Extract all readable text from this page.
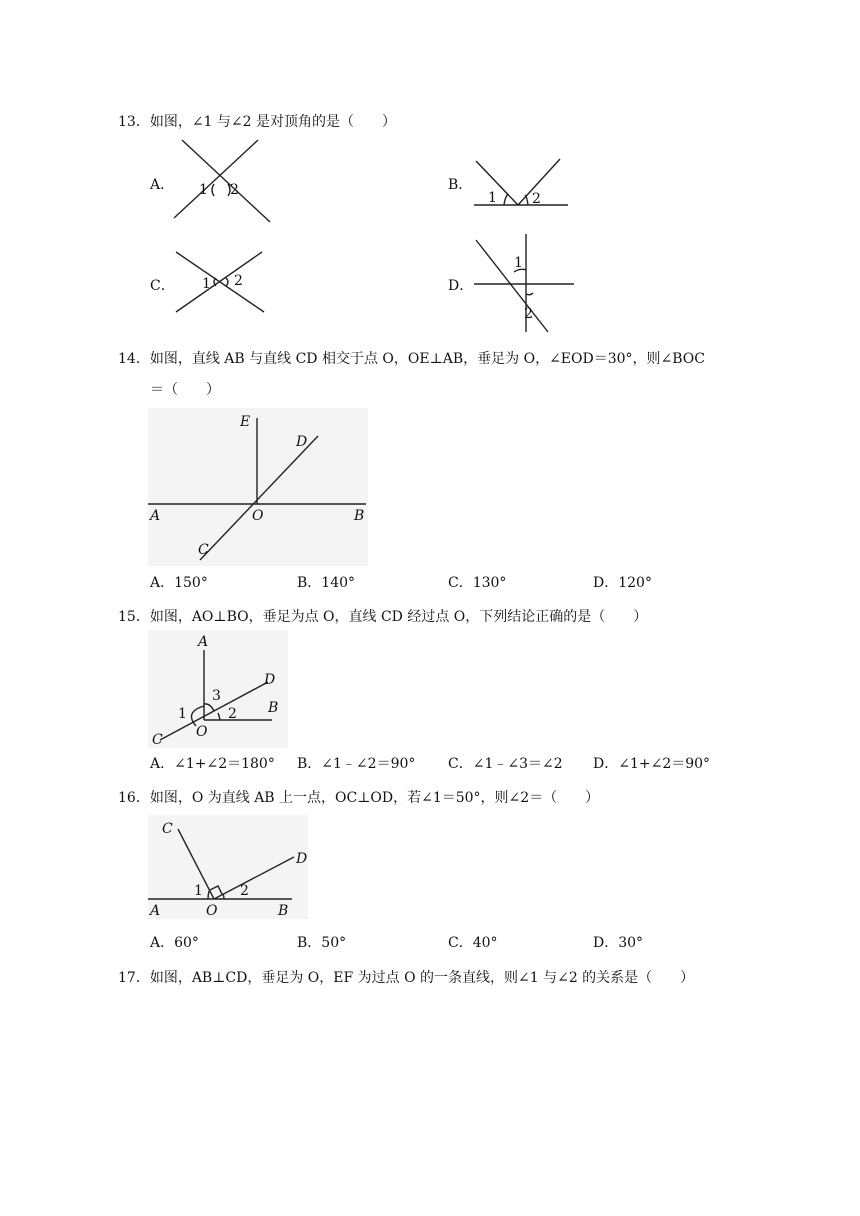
13．如图，∠1 与∠2 是对顶角的是（　　）
A． 1 2	B．
1	2
C． 1 2	D．
1
2
14．如图，直线 AB 与直线 CD 相交于点 O，OE⊥AB，垂足为 O，∠EOD＝30°，则∠BOC
＝（　　）
E
D
A	O	B
C
A．150°	B．140°	C．130°	D．120°
15．如图，AO⊥BO，垂足为点 O，直线 CD 经过点 O，下列结论正确的是（　　）
A
3
D
1	2 B
O
C
A．∠1+∠2＝180° B．∠1﹣∠2＝90° C．∠1﹣∠3＝∠2 D．∠1+∠2＝90°
16．如图，O 为直线 AB 上一点，OC⊥OD，若∠1＝50°，则∠2＝（　　）
C
D
1	2
A	O	B
A．60°	B．50°	C．40°	D．30°
17．如图，AB⊥CD，垂足为 O，EF 为过点 O 的一条直线，则∠1 与∠2 的关系是（　　）
